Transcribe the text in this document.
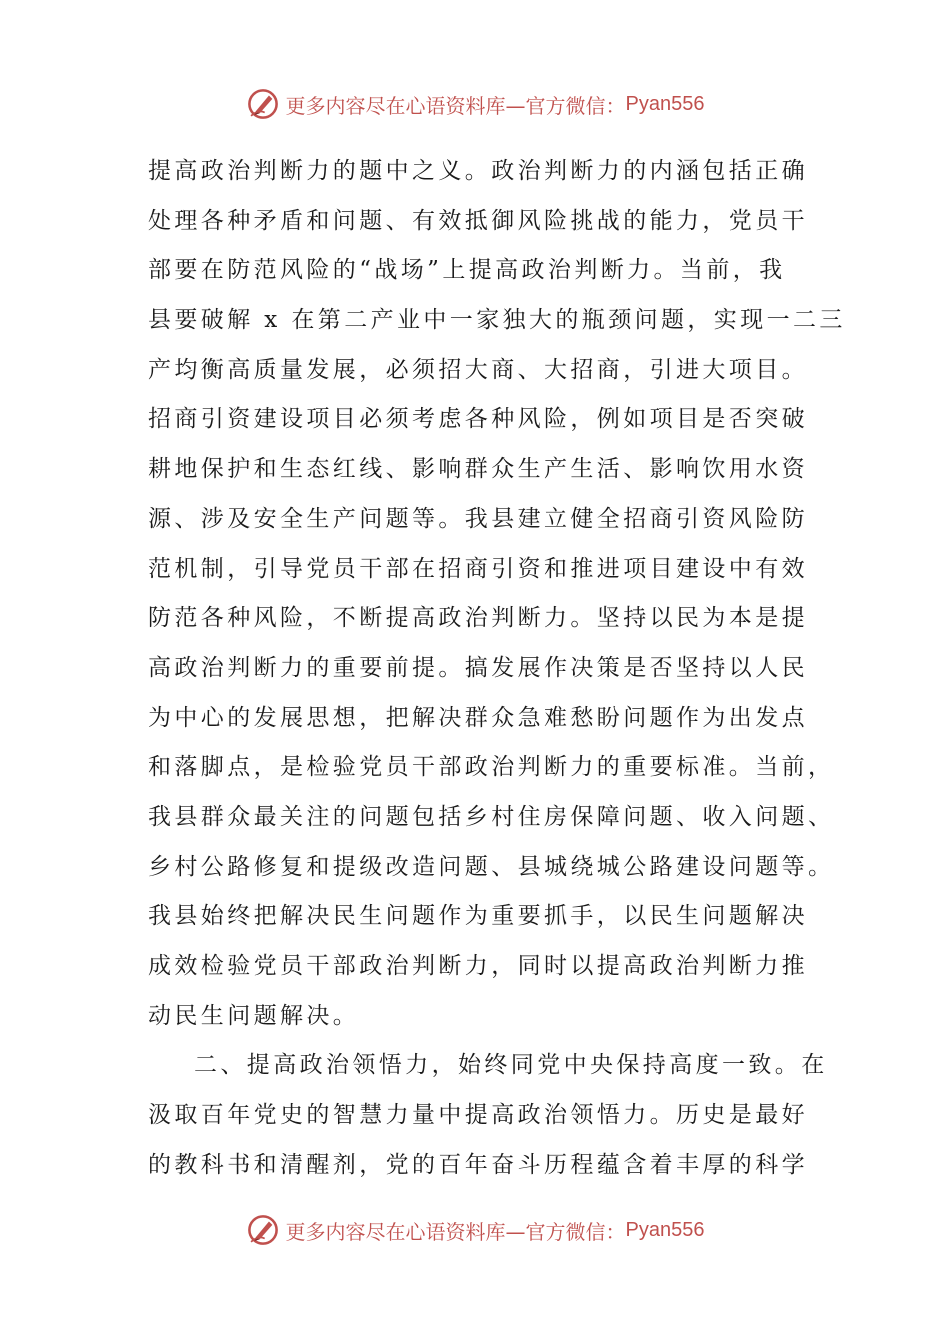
更多内容尽在心语资料库—官方微信： Pyan556
提高政治判断力的题中之义。政治判断力的内涵包括正确
处理各种矛盾和问题、有效抵御风险挑战的能力，党员干
部要在防范风险的“战场”上提高政治判断力。当前，我
县要破解 x 在第二产业中一家独大的瓶颈问题，实现一二三
产均衡高质量发展，必须招大商、大招商，引进大项目。
招商引资建设项目必须考虑各种风险，例如项目是否突破
耕地保护和生态红线、影响群众生产生活、影响饮用水资
源、涉及安全生产问题等。我县建立健全招商引资风险防
范机制，引导党员干部在招商引资和推进项目建设中有效
防范各种风险，不断提高政治判断力。坚持以民为本是提
高政治判断力的重要前提。搞发展作决策是否坚持以人民
为中心的发展思想，把解决群众急难愁盼问题作为出发点
和落脚点，是检验党员干部政治判断力的重要标准。当前，
我县群众最关注的问题包括乡村住房保障问题、收入问题、
乡村公路修复和提级改造问题、县城绕城公路建设问题等。
我县始终把解决民生问题作为重要抓手，以民生问题解决
成效检验党员干部政治判断力，同时以提高政治判断力推
动民生问题解决。
二、提高政治领悟力，始终同党中央保持高度一致。在
汲取百年党史的智慧力量中提高政治领悟力。历史是最好
的教科书和清醒剂，党的百年奋斗历程蕴含着丰厚的科学
更多内容尽在心语资料库—官方微信： Pyan556
